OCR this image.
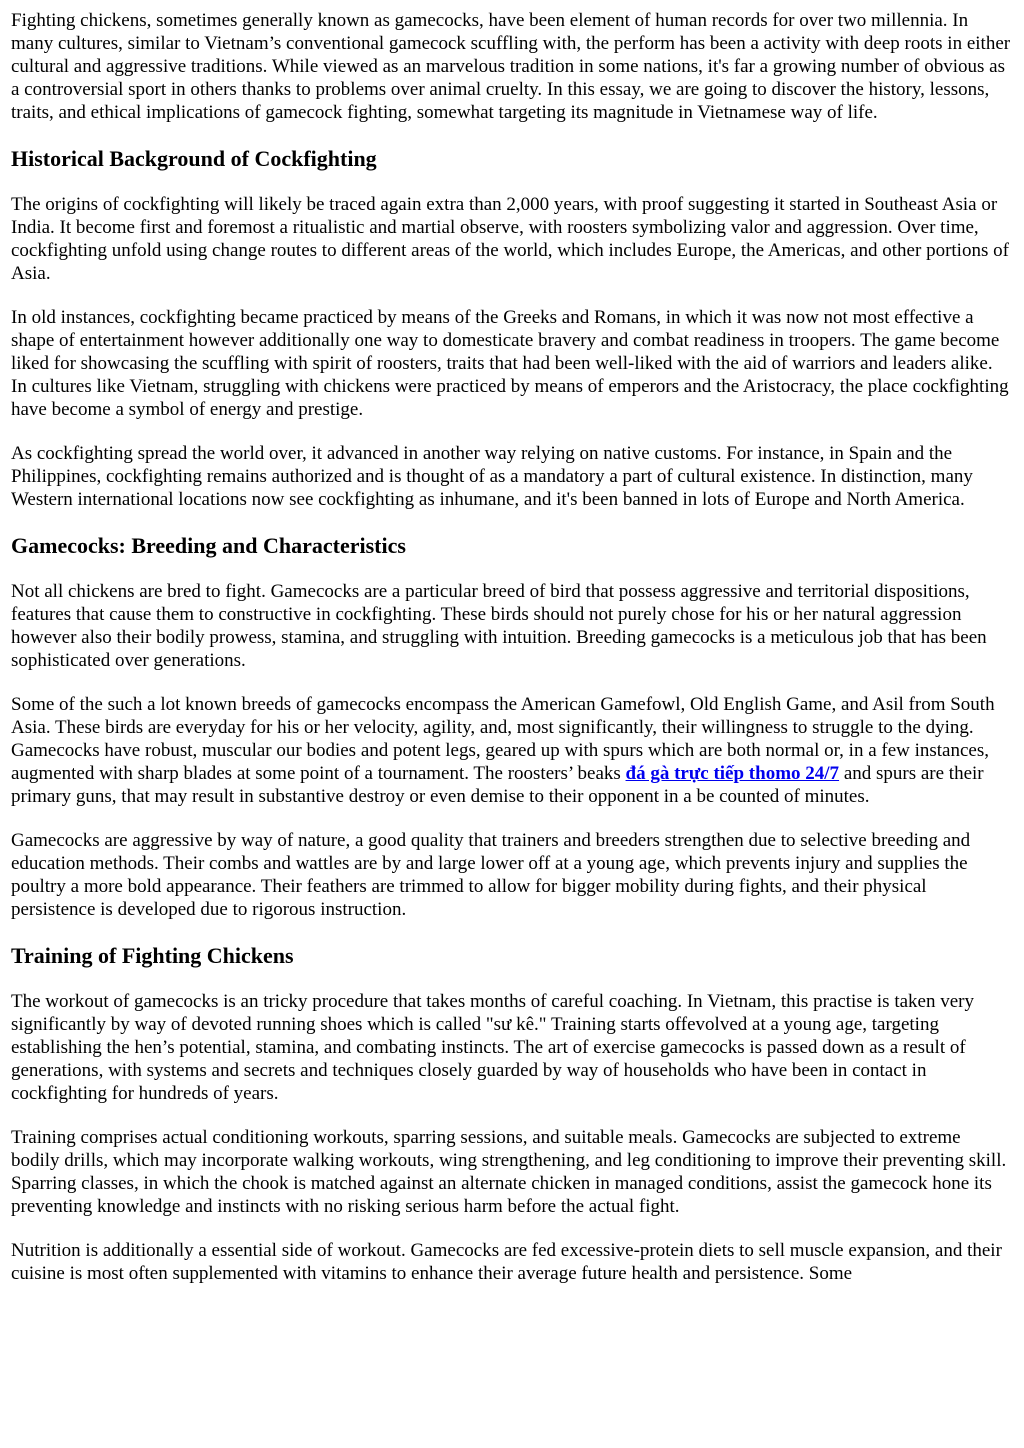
Fighting chickens, sometimes generally known as gamecocks, have been element of human records for over two millennia. In many cultures, similar to Vietnam’s conventional gamecock scuffling with, the perform has been a activity with deep roots in either cultural and aggressive traditions. While viewed as an marvelous tradition in some nations, it's far a growing number of obvious as a controversial sport in others thanks to problems over animal cruelty. In this essay, we are going to discover the history, lessons, traits, and ethical implications of gamecock fighting, somewhat targeting its magnitude in Vietnamese way of life.

Historical Background of Cockfighting

The origins of cockfighting will likely be traced again extra than 2,000 years, with proof suggesting it started in Southeast Asia or India. It become first and foremost a ritualistic and martial observe, with roosters symbolizing valor and aggression. Over time, cockfighting unfold using change routes to different areas of the world, which includes Europe, the Americas, and other portions of Asia.

In old instances, cockfighting became practiced by means of the Greeks and Romans, in which it was now not most effective a shape of entertainment however additionally one way to domesticate bravery and combat readiness in troopers. The game become liked for showcasing the scuffling with spirit of roosters, traits that had been well-liked with the aid of warriors and leaders alike. In cultures like Vietnam, struggling with chickens were practiced by means of emperors and the Aristocracy, the place cockfighting have become a symbol of energy and prestige.

As cockfighting spread the world over, it advanced in another way relying on native customs. For instance, in Spain and the Philippines, cockfighting remains authorized and is thought of as a mandatory a part of cultural existence. In distinction, many Western international locations now see cockfighting as inhumane, and it's been banned in lots of Europe and North America.

Gamecocks: Breeding and Characteristics

Not all chickens are bred to fight. Gamecocks are a particular breed of bird that possess aggressive and territorial dispositions, features that cause them to constructive in cockfighting. These birds should not purely chose for his or her natural aggression however also their bodily prowess, stamina, and struggling with intuition. Breeding gamecocks is a meticulous job that has been sophisticated over generations.

Some of the such a lot known breeds of gamecocks encompass the American Gamefowl, Old English Game, and Asil from South Asia. These birds are everyday for his or her velocity, agility, and, most significantly, their willingness to struggle to the dying. Gamecocks have robust, muscular our bodies and potent legs, geared up with spurs which are both normal or, in a few instances, augmented with sharp blades at some point of a tournament. The roosters’ beaks đá gà trực tiếp thomo 24/7 and spurs are their primary guns, that may result in substantive destroy or even demise to their opponent in a be counted of minutes.

Gamecocks are aggressive by way of nature, a good quality that trainers and breeders strengthen due to selective breeding and education methods. Their combs and wattles are by and large lower off at a young age, which prevents injury and supplies the poultry a more bold appearance. Their feathers are trimmed to allow for bigger mobility during fights, and their physical persistence is developed due to rigorous instruction.

Training of Fighting Chickens

The workout of gamecocks is an tricky procedure that takes months of careful coaching. In Vietnam, this practise is taken very significantly by way of devoted running shoes which is called "sư kê." Training starts offevolved at a young age, targeting establishing the hen’s potential, stamina, and combating instincts. The art of exercise gamecocks is passed down as a result of generations, with systems and secrets and techniques closely guarded by way of households who have been in contact in cockfighting for hundreds of years.

Training comprises actual conditioning workouts, sparring sessions, and suitable meals. Gamecocks are subjected to extreme bodily drills, which may incorporate walking workouts, wing strengthening, and leg conditioning to improve their preventing skill. Sparring classes, in which the chook is matched against an alternate chicken in managed conditions, assist the gamecock hone its preventing knowledge and instincts with no risking serious harm before the actual fight.

Nutrition is additionally a essential side of workout. Gamecocks are fed excessive-protein diets to sell muscle expansion, and their cuisine is most often supplemented with vitamins to enhance their average future health and persistence. Some
